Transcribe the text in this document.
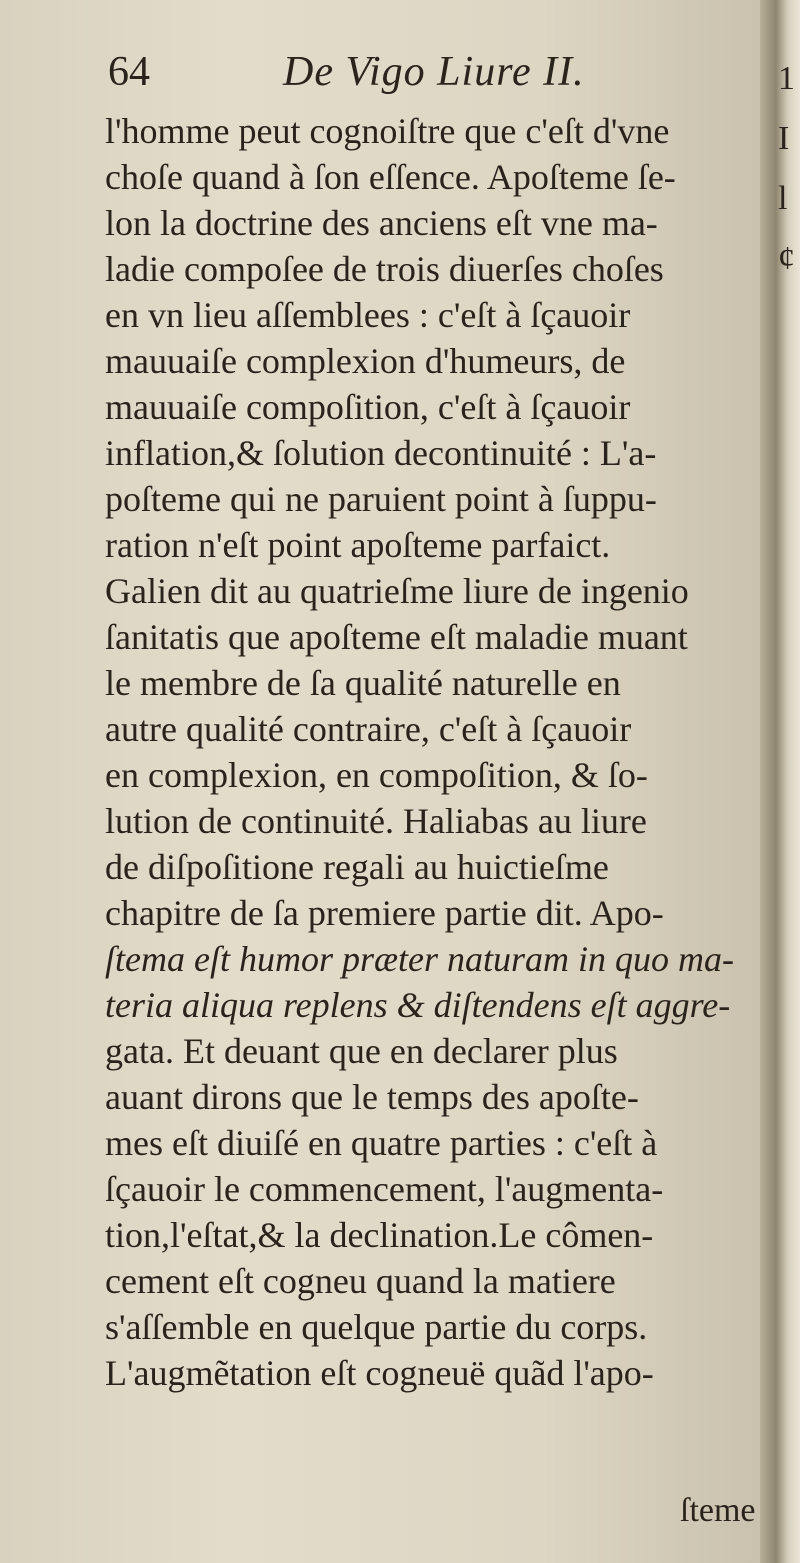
64	De Vigo Liure II.
l'homme peut cognoiſtre que c'eſt d'vne
choſe quand à ſon eſſence. Apoſteme ſe-
lon la doctrine des anciens eſt vne ma-
ladie compoſee de trois diuerſes choſes
en vn lieu aſſemblees : c'eſt à ſçauoir
mauuaiſe complexion d'humeurs, de
mauuaiſe compoſition, c'eſt à ſçauoir
inflation,& ſolution decontinuité : L'a-
poſteme qui ne paruient point à ſuppu-
ration n'eſt point apoſteme parfaict.
Galien dit au quatrieſme liure de ingenio
ſanitatis que apoſteme eſt maladie muant
le membre de ſa qualité naturelle en
autre qualité contraire, c'eſt à ſçauoir
en complexion, en compoſition, & ſo-
lution de continuité. Haliabas au liure
de diſpoſitione regali au huictieſme
chapitre de ſa premiere partie dit. Apo-
ſtema eſt humor præter naturam in quo ma-
teria aliqua replens & diſtendens eſt aggre-
gata. Et deuant que en declarer plus
auant dirons que le temps des apoſte-
mes eſt diuiſé en quatre parties : c'eſt à
ſçauoir le commencement, l'augmenta-
tion,l'eſtat,& la declination.Le cômen-
cement eſt cogneu quand la matiere
s'aſſemble en quelque partie du corps.
L'augmẽtation eſt cogneuë quãd l'apo-
ſteme
1
I
l
¢
